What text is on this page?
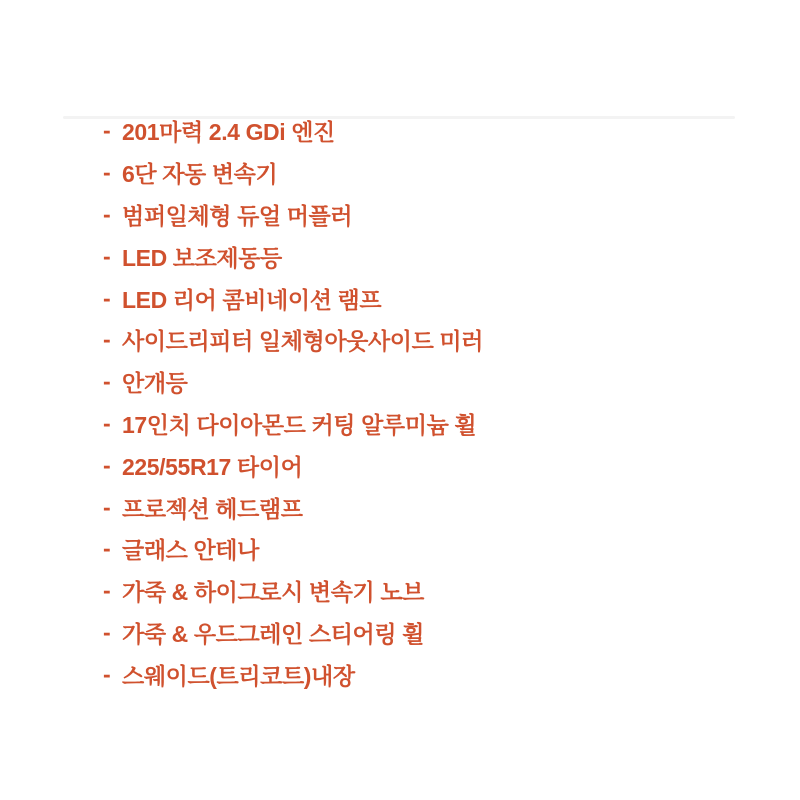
- 201마력 2.4 GDi 엔진
- 6단 자동 변속기
- 범퍼일체형 듀얼 머플러
- LED 보조제동등
- LED 리어 콤비네이션 램프
- 사이드리피터 일체형아웃사이드 미러
- 안개등
- 17인치 다이아몬드 커팅 알루미늄 휠
- 225/55R17 타이어
- 프로젝션 헤드램프
- 글래스 안테나
- 가죽 & 하이그로시 변속기 노브
- 가죽 & 우드그레인 스티어링 휠
- 스웨이드(트리코트)내장
